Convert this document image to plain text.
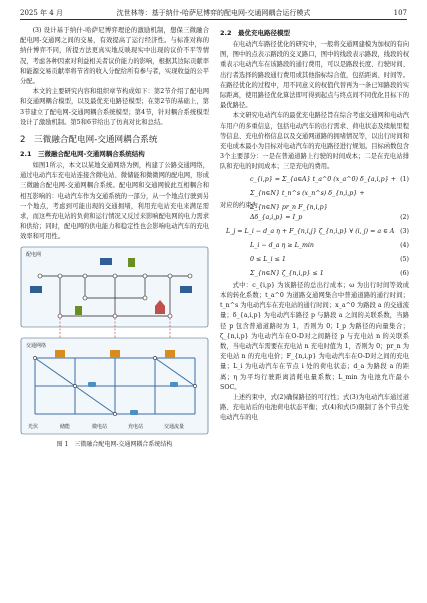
2025 年 4 月	沈世林等：基于纳什-哈萨尼博弈的配电网-交通网耦合运行模式	107

(3) 设计基于纳什-哈萨尼博弈理论的激励机制，想保三微融合配电网-交通网之间的交易，有效提高了运行经济性。与标准对称的纳什博弈不同，所提方法更真实地反映现实中出现的议价不平等情况，考虑各种因素对利益相关者议价能力的影响，根据其边际贡献率和能源交易贡献率将节省的收入分配给所有参与者，实现收益的公平分配。

本文的主要研究内容和组织章节构成如下：第2节介绍了配电网和交通网耦合模型，以及最优充电路径模型；在第2节的基础上，第3节建立了配电网-交通网耦合系统模型；第4节，针对耦合系统模型设计了激励机制。第5和6节给出了仿真对比和总结。

2　三微融合配电网-交通网耦合系统
2.1　三微融合配电网-交通网耦合系统结构

如图1所示，本文以某地交通网络为例，构建了公路交通网络，通过电动汽车充电站连接含微电站、微储能和微微网的配电网，形成三微融合配电网-交通网耦合系统。配电网和交通网彼此互相耦合和相互影响的：电动汽车作为交通系统的一部分，从一个地点行驶到另一个地点，考虑到可能出现的交通拥堵，利用充电站充电来满足需求，而这些充电站的负荷和运行情况又反过来影响配电网的电力需求和供给；同时，配电网的供电能力和稳定性也会影响电动汽车的充电效率和可用性。

配电网
交通网络
光伏	储能	微电站	充电站	交通流量
图 1　三微融合配电网-交通网耦合系统结构
2.2　最优充电路径模型

在电动汽车路径优化的研究中，一般将交通网建模为加权的有向图，图中的点表示路段的交叉路口，图中的线段表示路段，线段的权重表示电动汽车在该路段的通行费用，可以是路段长度、行驶时间、出行者选择的路段通行费用或其他指标综合值，包括距离、时间等。在路径优化的过程中，用不同意义的权值代替再为一条已知路段的实际距离，使用路径优化算法即可得到起点与终点间不同优化目标下的最优路径。

本文研究电动汽车的最优充电路径旨在综合考虑交通网和电动汽车用户的多重信息，包括电动汽车的出行需求、荷电状态及续航里程等信息、充电价格信息以及交通网道路的拥堵情况等，以出行时间和充电成本最小为目标对电动汽车的充电路径进行规划。目标函数包含3个主要部分：一是在普通道路上行驶的时间成本；二是在充电站排队和充电的时间成本；三是充电的费用。

c_{i,p} = Σ_{a∈A} t_a^0 (x_a^0) δ_{a,i,p} + Σ_{n∈N} t_n^s (x_n^s) δ_{n,i,p} +
Σ_{n∈N} pr_n F_{n,i,p}
(1)

对应的约束为

Δδ_{a,i,p} = I_p	(2)
L_j = L_i − d_a η + F_{n,i,j} ζ_{n,i,p} ∀ (i, j) = a ∈ A (3)
L_i − d_a η ≥ L_min	(4)
0 ≤ L_i ≤ 1	(5)
Σ_{n∈N} ζ_{n,i,p} ≤ 1	(6)

式中：c_{i,p} 为该路径的总出行成本；ω 为出行时间等效成本的转化系数；t_a^0 为道路交通网集合中普通道路的通行时间；t_n^s 为电动汽车在充电站的通行时间；x_a^0 为路段 a 的交通流量；δ_{a,i,p} 为电动汽车路径 p 与路段 a 之间的关联系数，当路径 p 包含普通道路时为 1，否则为 0；I_p 为路径的向量集合；ζ_{n,i,p} 为电动汽车在O-D对之间路径 p 与充电站 n 的关联系数，当电动汽车需要在充电站 n 充电时值为 1，否则为 0；pr_n 为充电站 n 的充电电价；F_{n,i,p} 为电动汽车在O-D对之间的充电量；L_i 为电动汽车在节点 i 处的荷电状态；d_a 为路段 a 的距离；η 为平均行驶距离消耗电量系数；L_min 为电池允许最小 SOC。

上述约束中，式(2)确保路径的可行性；式(3)为电动汽车通过道路、充电站后的电池荷电状态平衡；式(4)和式(5)限制了各个节点处电动汽车的电
